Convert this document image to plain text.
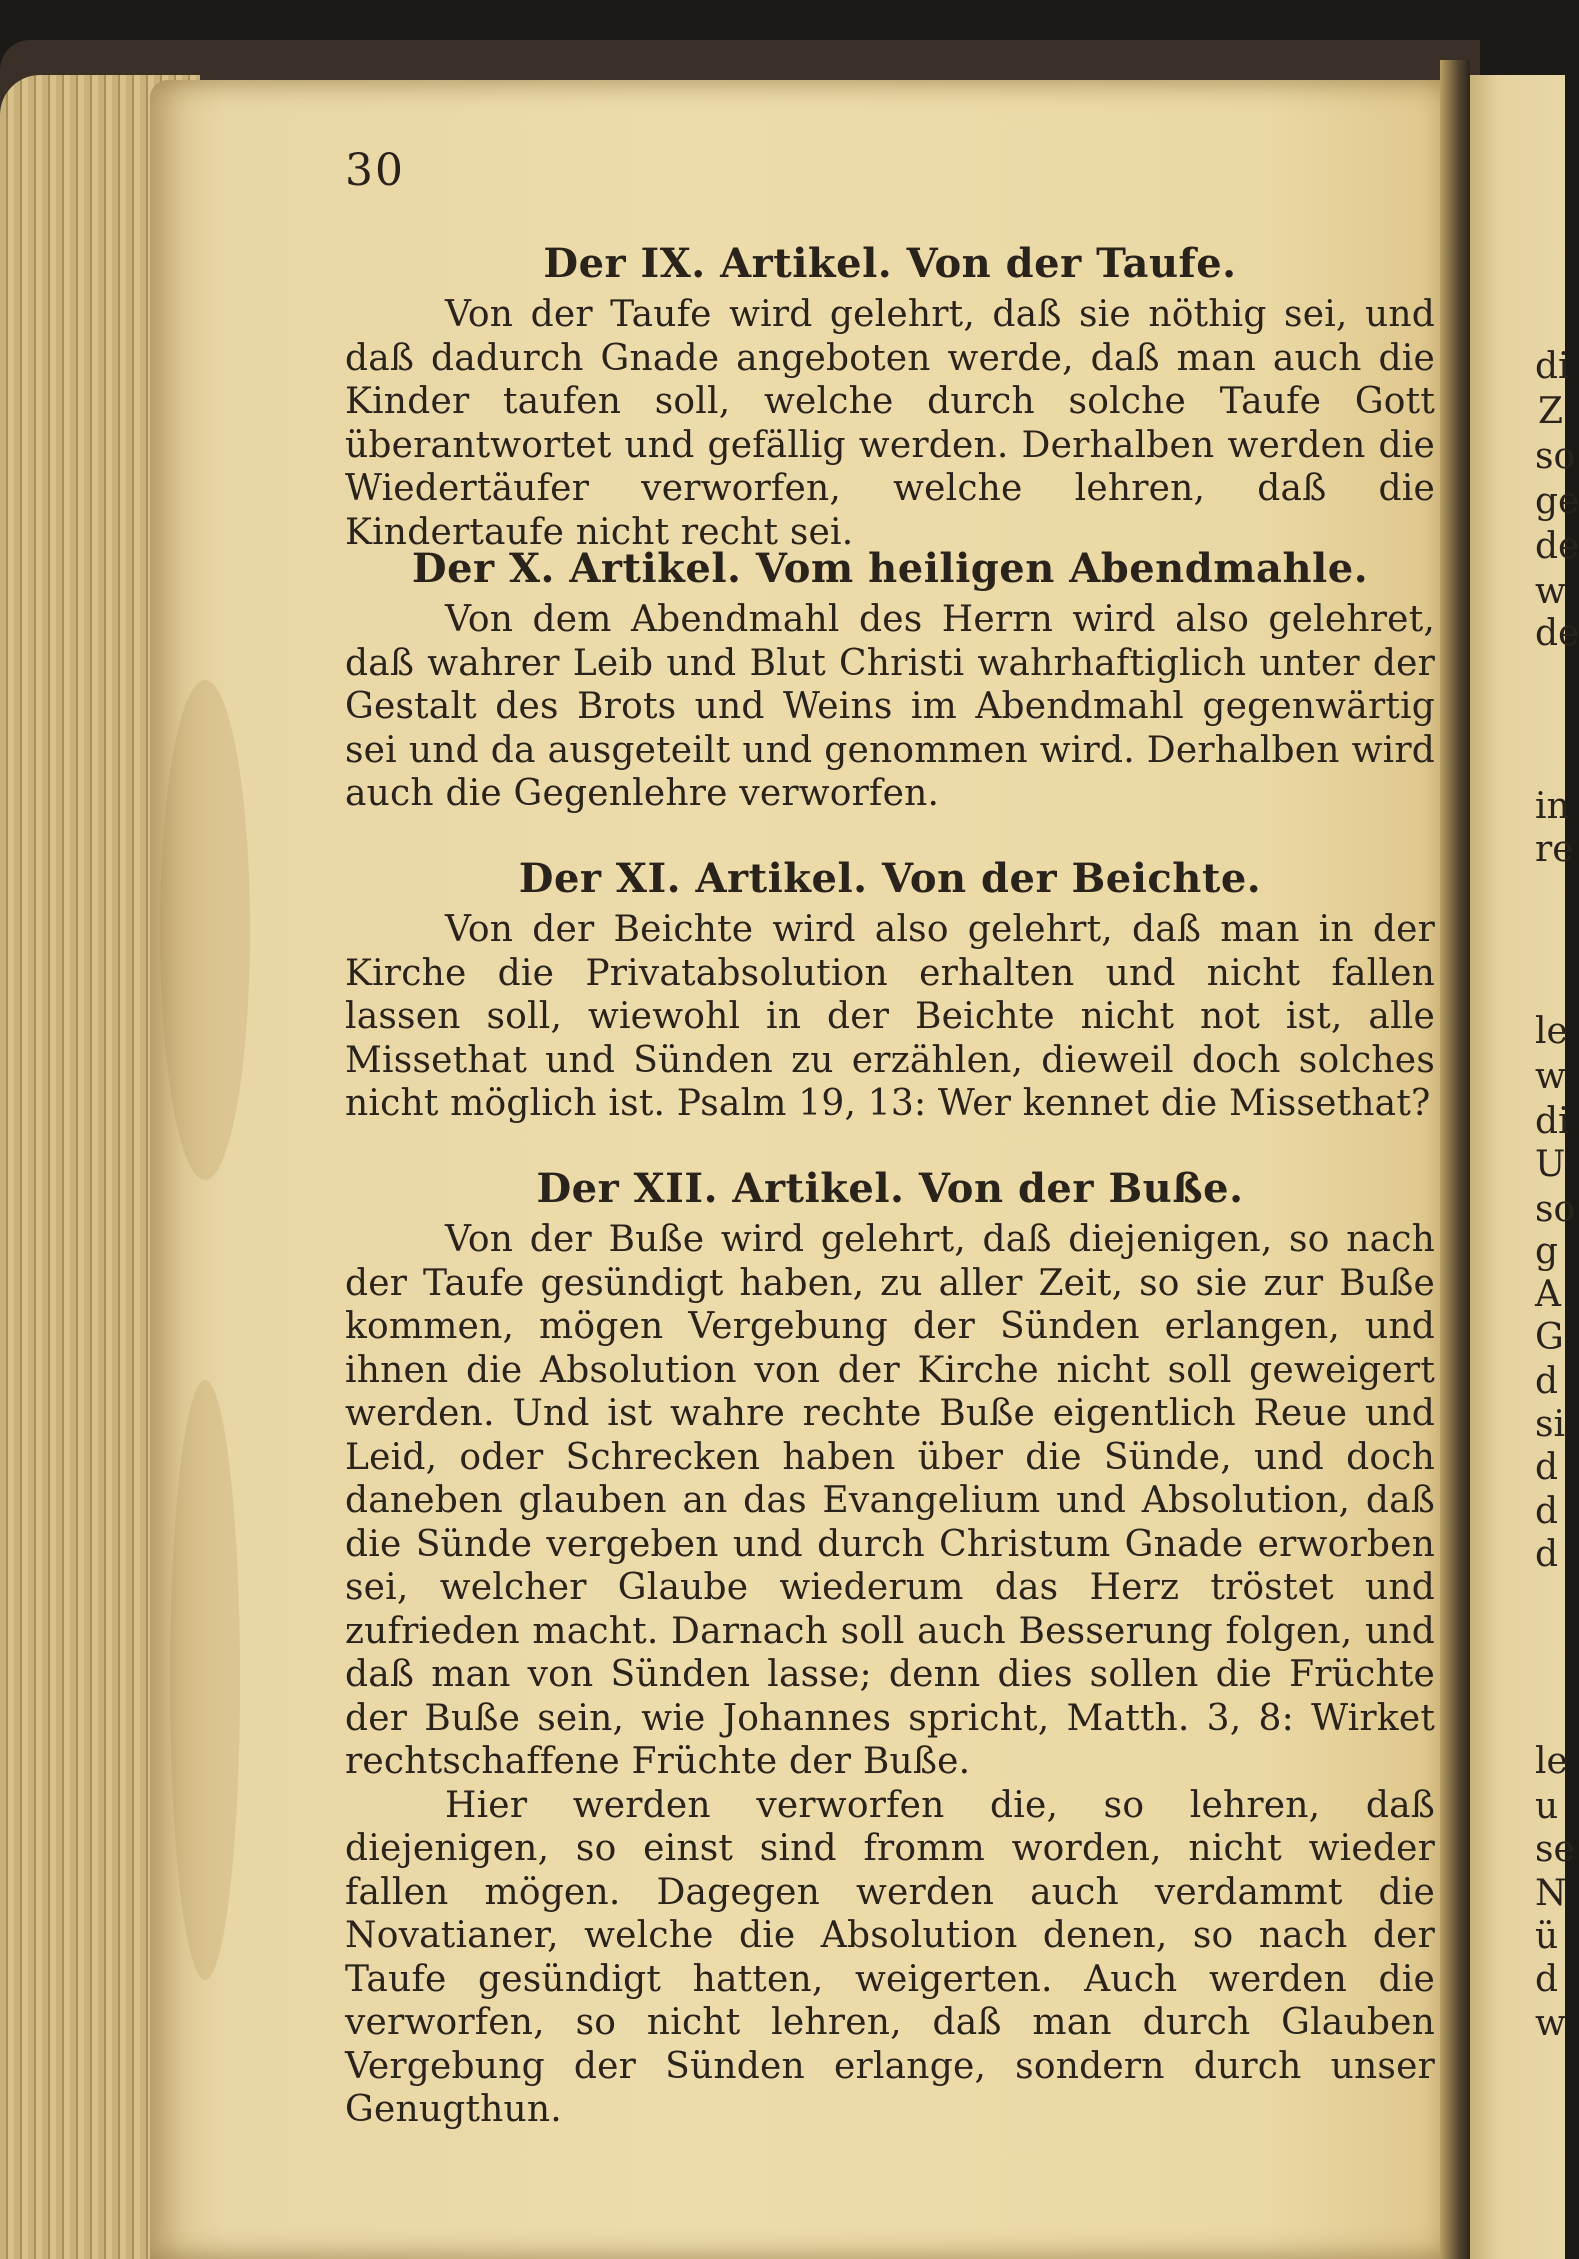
30
Der IX. Artikel. Von der Taufe.

Von der Taufe wird gelehrt, daß sie nöthig sei, und daß dadurch Gnade angeboten werde, daß man auch die Kinder taufen soll, welche durch solche Taufe Gott überantwortet und gefällig werden. Derhalben werden die Wiedertäufer verworfen, welche lehren, daß die Kindertaufe nicht recht sei.

Der X. Artikel. Vom heiligen Abendmahle.

Von dem Abendmahl des Herrn wird also gelehret, daß wahrer Leib und Blut Christi wahrhaftiglich unter der Gestalt des Brots und Weins im Abendmahl gegenwärtig sei und da ausgeteilt und genommen wird. Derhalben wird auch die Gegenlehre verworfen.

Der XI. Artikel. Von der Beichte.

Von der Beichte wird also gelehrt, daß man in der Kirche die Privatabsolution erhalten und nicht fallen lassen soll, wiewohl in der Beichte nicht not ist, alle Missethat und Sünden zu erzählen, dieweil doch solches nicht möglich ist. Psalm 19, 13: Wer kennet die Missethat?

Der XII. Artikel. Von der Buße.

Von der Buße wird gelehrt, daß diejenigen, so nach der Taufe gesündigt haben, zu aller Zeit, so sie zur Buße kommen, mögen Vergebung der Sünden erlangen, und ihnen die Absolution von der Kirche nicht soll geweigert werden. Und ist wahre rechte Buße eigentlich Reue und Leid, oder Schrecken haben über die Sünde, und doch daneben glauben an das Evangelium und Absolution, daß die Sünde vergeben und durch Christum Gnade erworben sei, welcher Glaube wiederum das Herz tröstet und zufrieden macht. Darnach soll auch Besserung folgen, und daß man von Sünden lasse; denn dies sollen die Früchte der Buße sein, wie Johannes spricht, Matth. 3, 8: Wirket rechtschaffene Früchte der Buße.

Hier werden verworfen die, so lehren, daß diejenigen, so einst sind fromm worden, nicht wieder fallen mögen. Dagegen werden auch verdammt die Novatianer, welche die Absolution denen, so nach der Taufe gesündigt hatten, weigerten. Auch werden die verworfen, so nicht lehren, daß man durch Glauben Vergebung der Sünden erlange, sondern durch unser Genugthun.

di
Z
so
ge
de
w
de
in
re
le
w
di
U
so
g
A
G
d
si
d
d
d
le
u
se
N
ü
d
w
